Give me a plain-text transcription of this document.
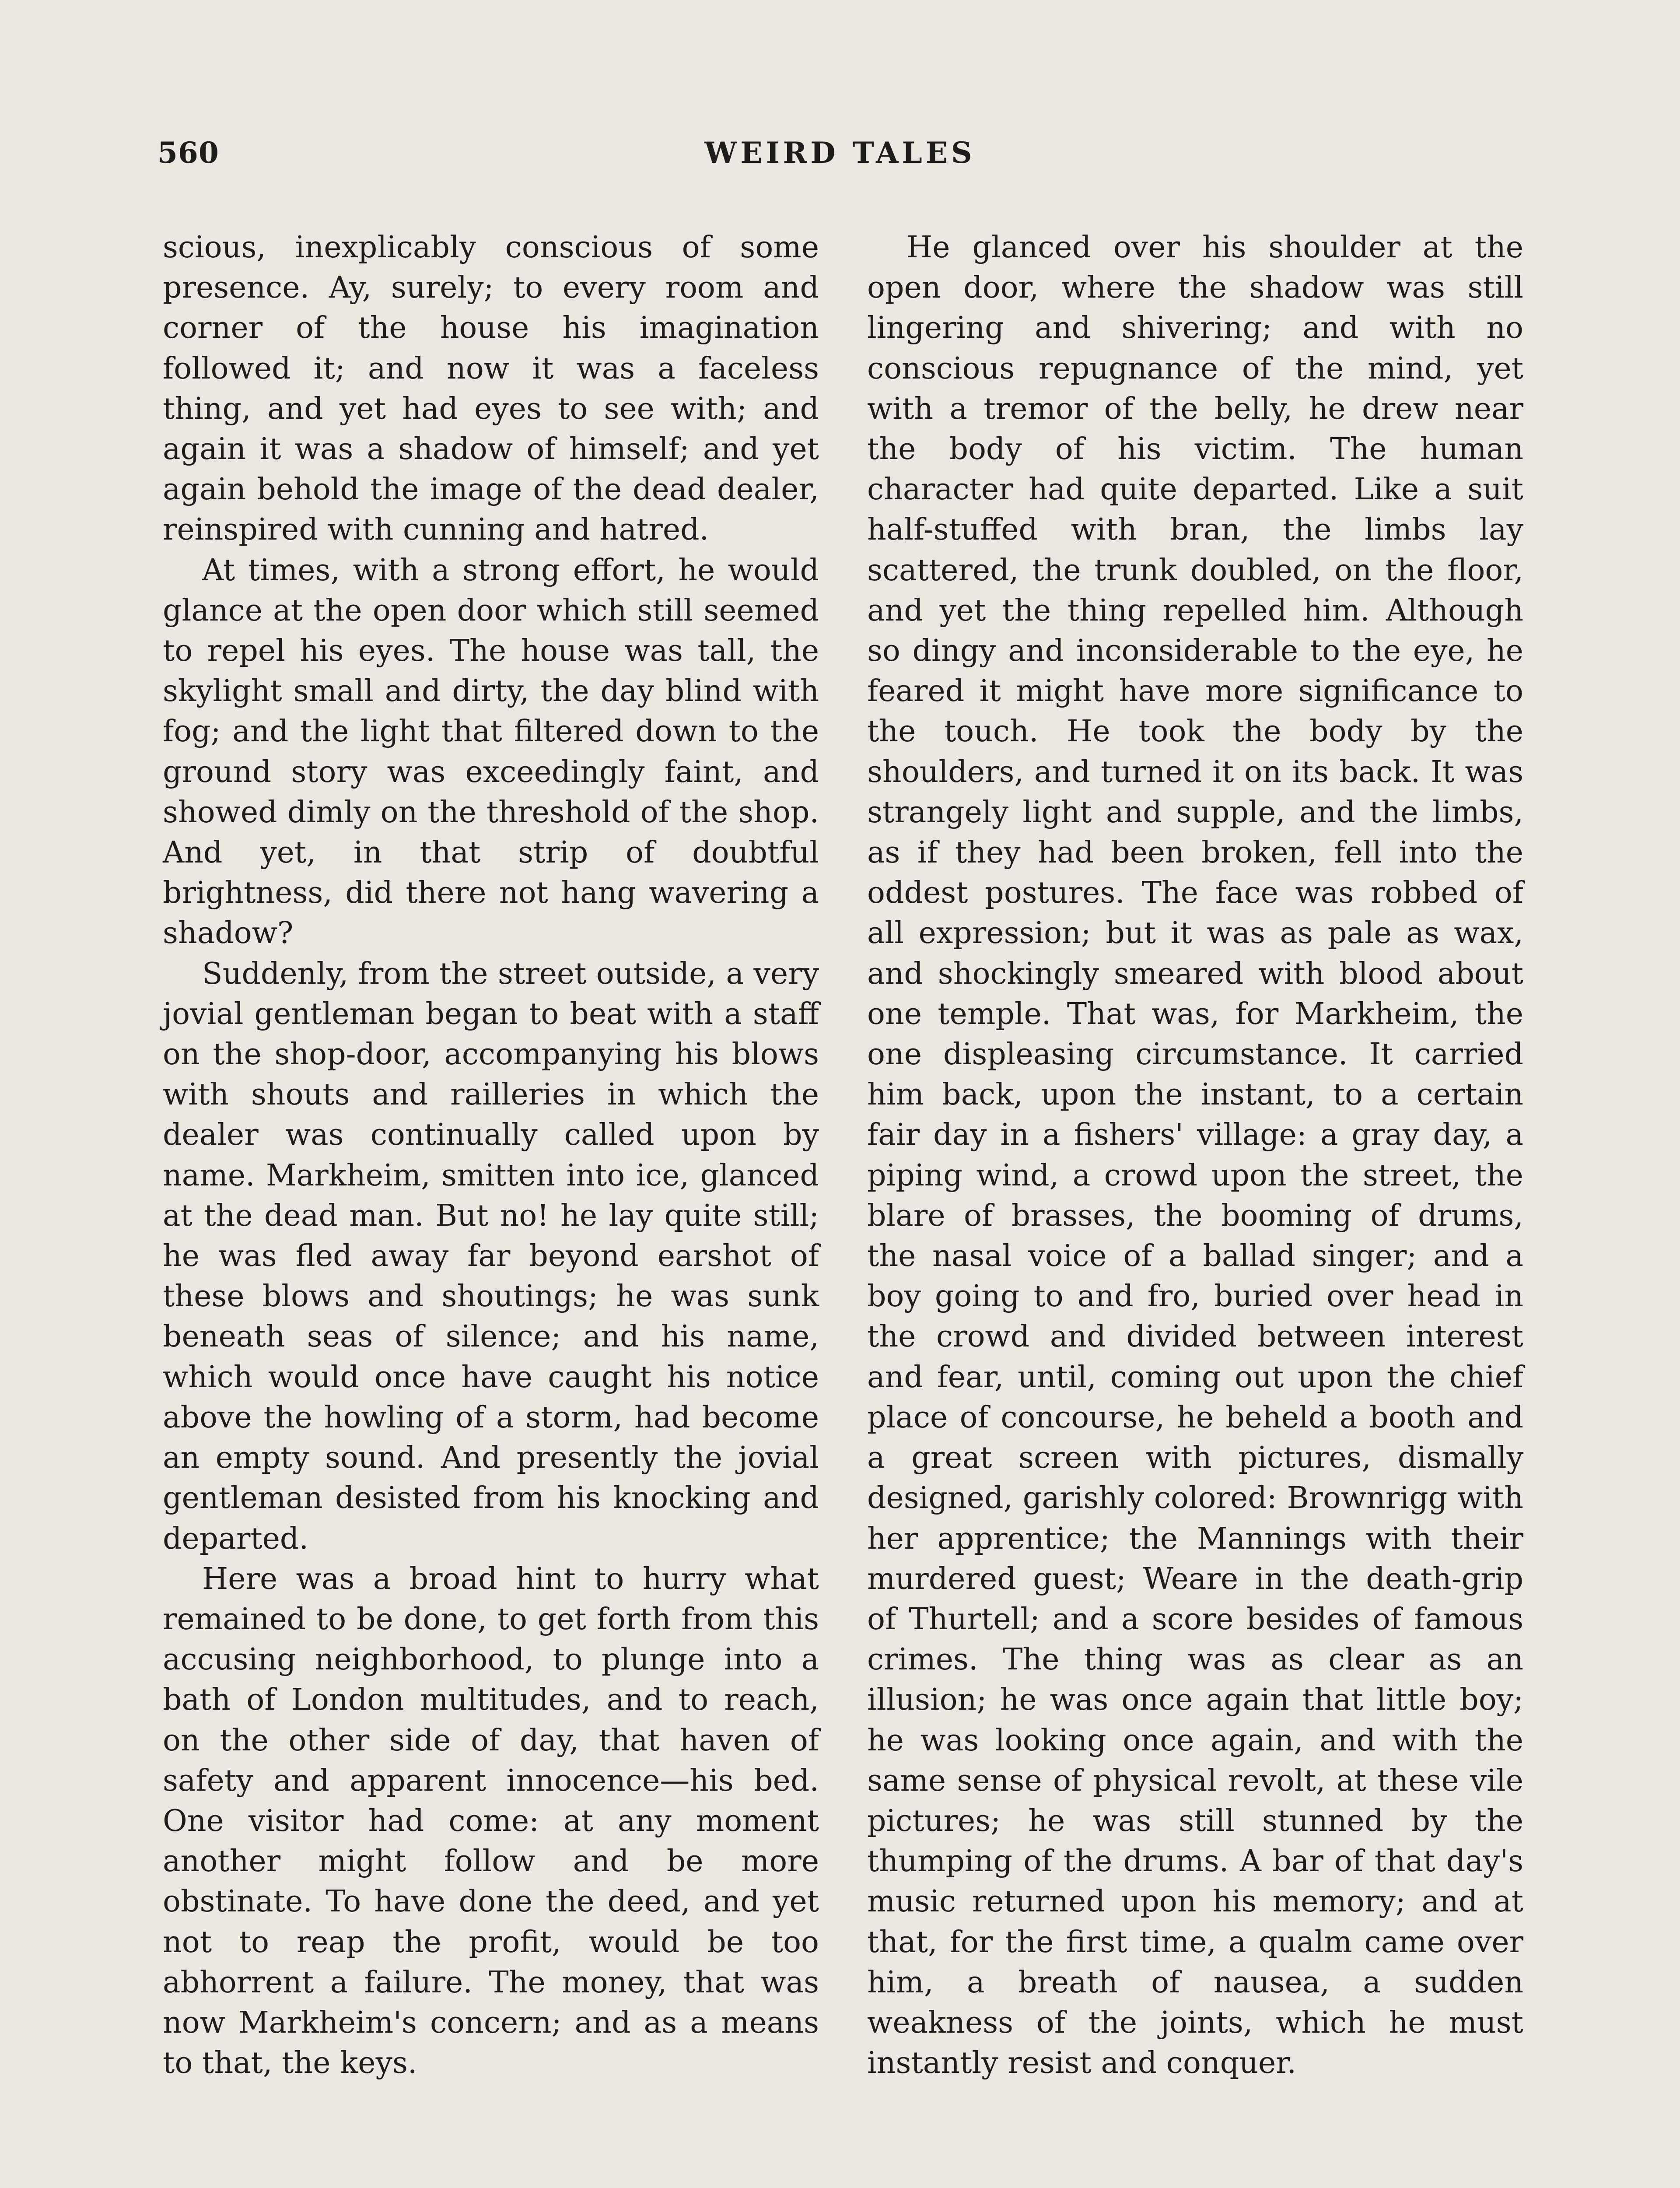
560	WEIRD TALES

scious, inexplicably conscious of some presence. Ay, surely; to every room and corner of the house his imagination followed it; and now it was a faceless thing, and yet had eyes to see with; and again it was a shadow of himself; and yet again behold the image of the dead dealer, reinspired with cunning and hatred.

At times, with a strong effort, he would glance at the open door which still seemed to repel his eyes. The house was tall, the skylight small and dirty, the day blind with fog; and the light that filtered down to the ground story was exceedingly faint, and showed dimly on the threshold of the shop. And yet, in that strip of doubtful brightness, did there not hang wavering a shadow?

Suddenly, from the street outside, a very jovial gentleman began to beat with a staff on the shop-door, accompanying his blows with shouts and railleries in which the dealer was continually called upon by name. Markheim, smitten into ice, glanced at the dead man. But no! he lay quite still; he was fled away far beyond earshot of these blows and shoutings; he was sunk beneath seas of silence; and his name, which would once have caught his notice above the howling of a storm, had become an empty sound. And presently the jovial gentleman desisted from his knocking and departed.

Here was a broad hint to hurry what remained to be done, to get forth from this accusing neighborhood, to plunge into a bath of London multitudes, and to reach, on the other side of day, that haven of safety and apparent innocence—his bed. One visitor had come: at any moment another might follow and be more obstinate. To have done the deed, and yet not to reap the profit, would be too abhorrent a failure. The money, that was now Markheim's concern; and as a means to that, the keys.

He glanced over his shoulder at the open door, where the shadow was still lingering and shivering; and with no conscious repugnance of the mind, yet with a tremor of the belly, he drew near the body of his victim. The human character had quite departed. Like a suit half-stuffed with bran, the limbs lay scattered, the trunk doubled, on the floor, and yet the thing repelled him. Although so dingy and inconsiderable to the eye, he feared it might have more significance to the touch. He took the body by the shoulders, and turned it on its back. It was strangely light and supple, and the limbs, as if they had been broken, fell into the oddest postures. The face was robbed of all expression; but it was as pale as wax, and shockingly smeared with blood about one temple. That was, for Markheim, the one displeasing circumstance. It carried him back, upon the instant, to a certain fair day in a fishers' village: a gray day, a piping wind, a crowd upon the street, the blare of brasses, the booming of drums, the nasal voice of a ballad singer; and a boy going to and fro, buried over head in the crowd and divided between interest and fear, until, coming out upon the chief place of concourse, he beheld a booth and a great screen with pictures, dismally designed, garishly colored: Brownrigg with her apprentice; the Mannings with their murdered guest; Weare in the death-grip of Thurtell; and a score besides of famous crimes. The thing was as clear as an illusion; he was once again that little boy; he was looking once again, and with the same sense of physical revolt, at these vile pictures; he was still stunned by the thumping of the drums. A bar of that day's music returned upon his memory; and at that, for the first time, a qualm came over him, a breath of nausea, a sudden weakness of the joints, which he must instantly resist and conquer.
